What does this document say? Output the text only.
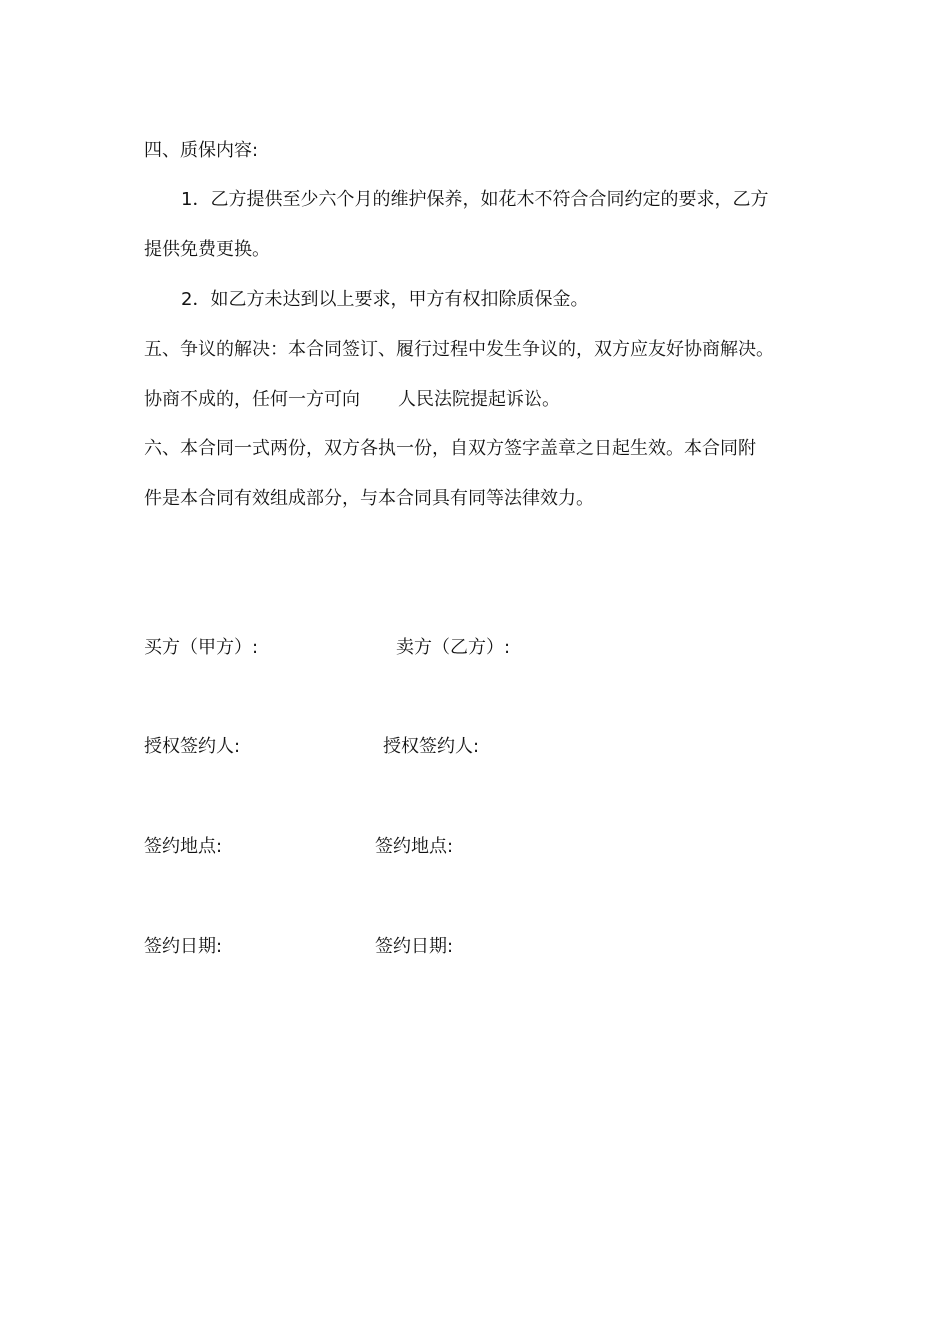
四、质保内容:
1．乙方提供至少六个月的维护保养，如花木不符合合同约定的要求，乙方
提供免费更换。
2．如乙方未达到以上要求，甲方有权扣除质保金。
五、争议的解决：本合同签订、履行过程中发生争议的，双方应友好协商解决。
协商不成的，任何一方可向 人民法院提起诉讼。
六、本合同一式两份，双方各执一份，自双方签字盖章之日起生效。本合同附
件是本合同有效组成部分，与本合同具有同等法律效力。
买方（甲方）:	卖方（乙方）:
授权签约人:	授权签约人:
签约地点:	签约地点:
签约日期:	签约日期:
